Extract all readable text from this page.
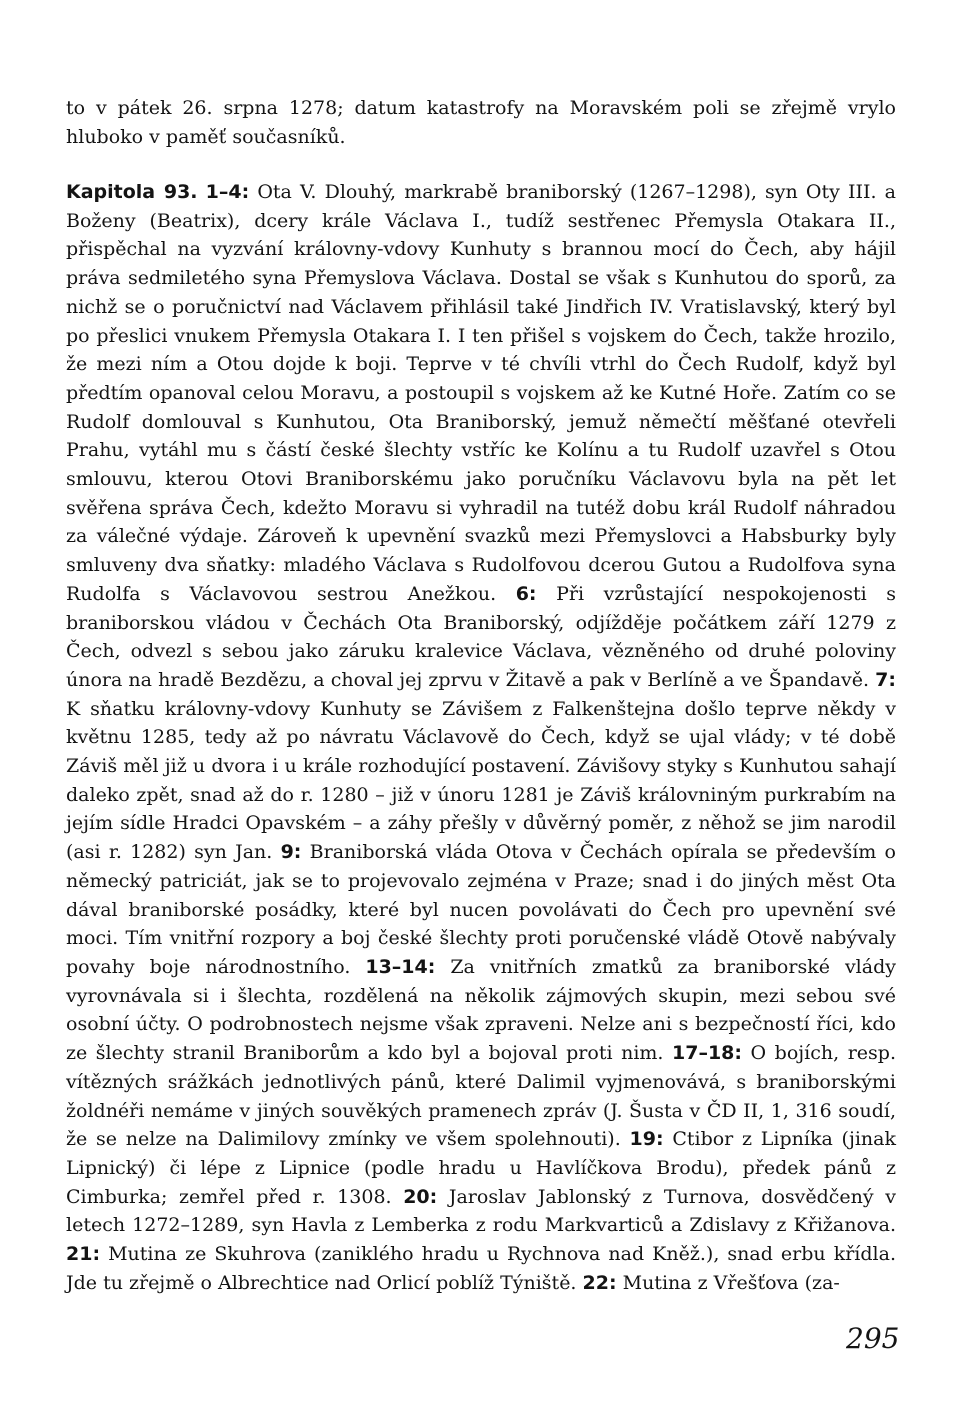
to v pátek 26. srpna 1278; datum katastrofy na Moravském poli se zřejmě vrylo hluboko v paměť současníků.

Kapitola 93. 1–4: Ota V. Dlouhý, markrabě braniborský (1267–1298), syn Oty III. a Boženy (Beatrix), dcery krále Václava I., tudíž sestřenec Přemysla Otakara II., přispěchal na vyzvání královny-vdovy Kunhuty s brannou mocí do Čech, aby hájil práva sedmiletého syna Přemyslova Václava. Dostal se však s Kunhutou do sporů, za nichž se o poručnictví nad Václavem přihlásil také Jindřich IV. Vratislavský, který byl po přeslici vnukem Přemysla Otakara I. I ten přišel s vojskem do Čech, takže hrozilo, že mezi ním a Otou dojde k boji. Teprve v té chvíli vtrhl do Čech Rudolf, když byl předtím opanoval celou Moravu, a postoupil s vojskem až ke Kutné Hoře. Zatím co se Rudolf domlouval s Kunhutou, Ota Braniborský, jemuž němečtí měšťané otevřeli Prahu, vytáhl mu s částí české šlechty vstříc ke Kolínu a tu Rudolf uzavřel s Otou smlouvu, kterou Otovi Braniborskému jako poručníku Václavovu byla na pět let svěřena správa Čech, kdežto Moravu si vyhradil na tutéž dobu král Rudolf náhradou za válečné výdaje. Zároveň k upevnění svazků mezi Přemyslovci a Habsburky byly smluveny dva sňatky: mladého Václava s Rudolfovou dcerou Gutou a Rudolfova syna Rudolfa s Václavovou sestrou Anežkou. 6: Při vzrůstající nespokojenosti s braniborskou vládou v Čechách Ota Braniborský, odjížděje počátkem září 1279 z Čech, odvezl s sebou jako záruku kralevice Václava, vězněného od druhé poloviny února na hradě Bezdězu, a choval jej zprvu v Žitavě a pak v Berlíně a ve Špandavě. 7: K sňatku královny-vdovy Kunhuty se Závišem z Falkenštejna došlo teprve někdy v květnu 1285, tedy až po návratu Václavově do Čech, když se ujal vlády; v té době Záviš měl již u dvora i u krále rozhodující postavení. Závišovy styky s Kunhutou sahají daleko zpět, snad až do r. 1280 – již v únoru 1281 je Záviš královniným purkrabím na jejím sídle Hradci Opavském – a záhy přešly v důvěrný poměr, z něhož se jim narodil (asi r. 1282) syn Jan. 9: Braniborská vláda Otova v Čechách opírala se především o německý patriciát, jak se to projevovalo zejména v Praze; snad i do jiných měst Ota dával braniborské posádky, které byl nucen povolávati do Čech pro upevnění své moci. Tím vnitřní rozpory a boj české šlechty proti poručenské vládě Otově nabývaly povahy boje národnostního. 13–14: Za vnitřních zmatků za braniborské vlády vyrovnávala si i šlechta, rozdělená na několik zájmových skupin, mezi sebou své osobní účty. O podrobnostech nejsme však zpraveni. Nelze ani s bezpečností říci, kdo ze šlechty stranil Braniborům a kdo byl a bojoval proti nim. 17–18: O bojích, resp. vítězných srážkách jednotlivých pánů, které Dalimil vyjmenovává, s braniborskými žoldnéři nemáme v jiných souvěkých pramenech zpráv (J. Šusta v ČD II, 1, 316 soudí, že se nelze na Dalimilovy zmínky ve všem spolehnouti). 19: Ctibor z Lipníka (jinak Lipnický) či lépe z Lipnice (podle hradu u Havlíčkova Brodu), předek pánů z Cimburka; zemřel před r. 1308. 20: Jaroslav Jablonský z Turnova, dosvědčený v letech 1272–1289, syn Havla z Lemberka z rodu Markvarticů a Zdislavy z Křižanova. 21: Mutina ze Skuhrova (zaniklého hradu u Rychnova nad Kněž.), snad erbu křídla. Jde tu zřejmě o Albrechtice nad Orlicí poblíž Týniště. 22: Mutina z Vřešťova (za-

295
